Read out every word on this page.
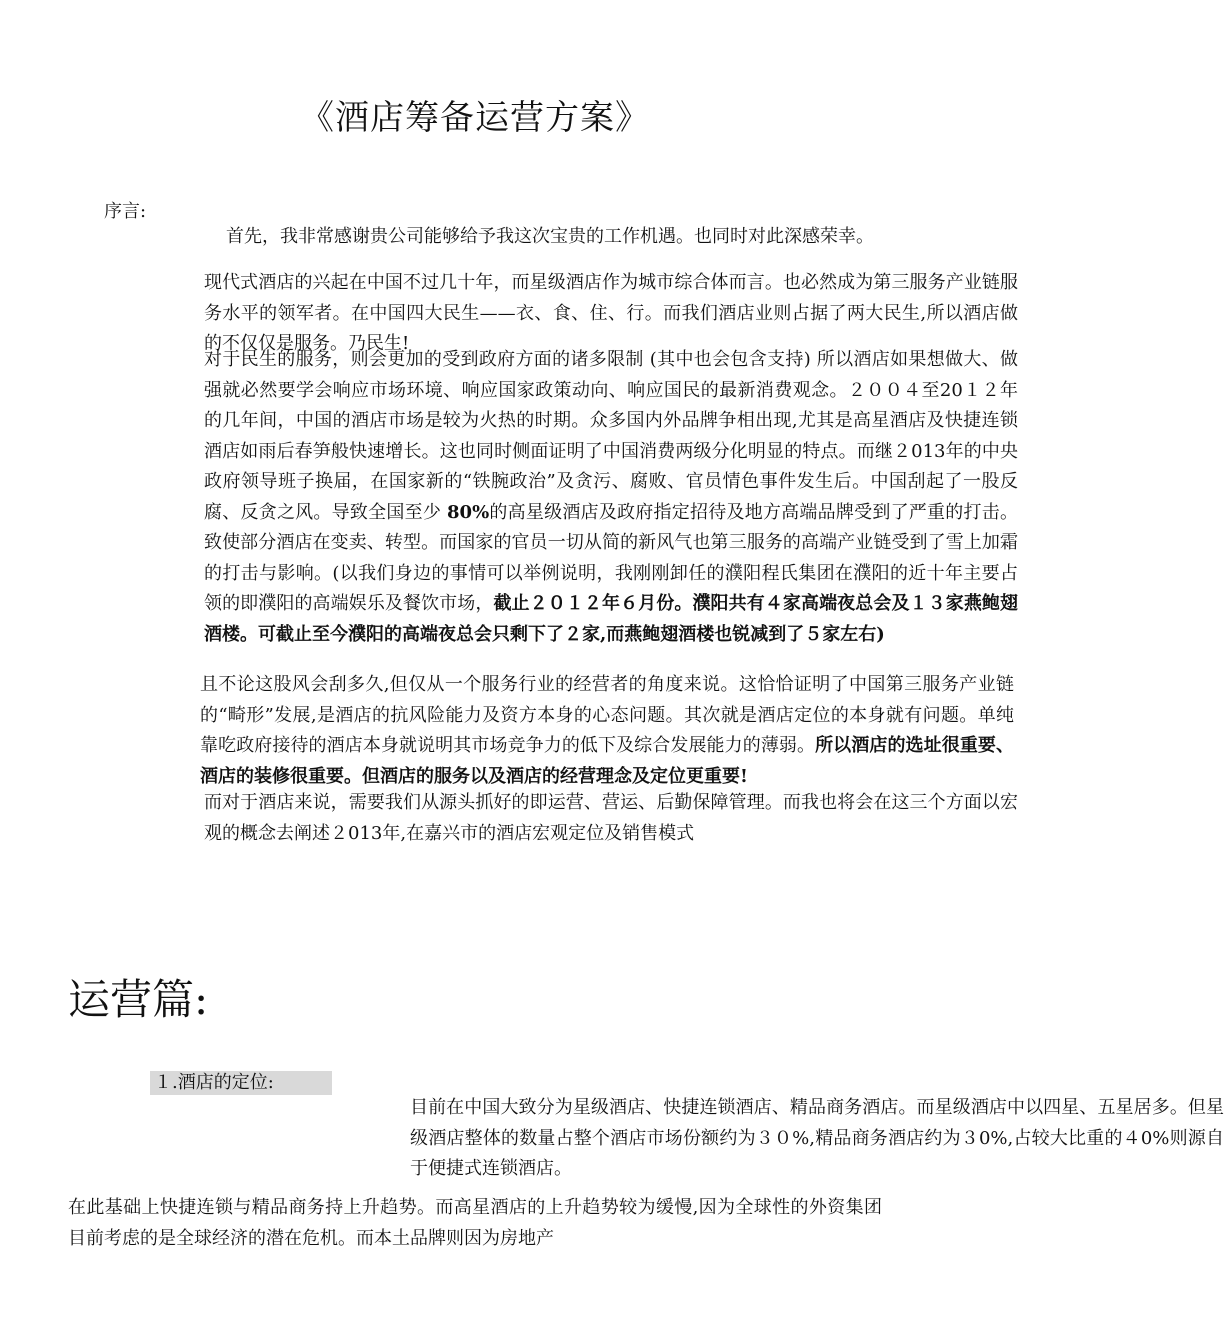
《酒店筹备运营方案》
序言:
首先，我非常感谢贵公司能够给予我这次宝贵的工作机遇。也同时对此深感荣幸。
现代式酒店的兴起在中国不过几十年，而星级酒店作为城市综合体而言。也必然成为第三服务产业链服务水平的领军者。在中国四大民生——衣、食、住、行。而我们酒店业则占据了两大民生,所以酒店做的不仅仅是服务。乃民生!
对于民生的服务，则会更加的受到政府方面的诸多限制 (其中也会包含支持) 所以酒店如果想做大、做强就必然要学会响应市场环境、响应国家政策动向、响应国民的最新消费观念。２００４至20１２年的几年间，中国的酒店市场是较为火热的时期。众多国内外品牌争相出现,尤其是高星酒店及快捷连锁酒店如雨后春笋般快速增长。这也同时侧面证明了中国消费两级分化明显的特点。而继２013年的中央政府领导班子换届，在国家新的“铁腕政治”及贪污、腐败、官员情色事件发生后。中国刮起了一股反腐、反贪之风。导致全国至少 80%的高星级酒店及政府指定招待及地方高端品牌受到了严重的打击。致使部分酒店在变卖、转型。而国家的官员一切从简的新风气也第三服务的高端产业链受到了雪上加霜的打击与影响。(以我们身边的事情可以举例说明，我刚刚卸任的濮阳程氏集团在濮阳的近十年主要占领的即濮阳的高端娱乐及餐饮市场，截止２０１２年６月份。濮阳共有４家高端夜总会及１３家燕鲍翅酒楼。可截止至今濮阳的高端夜总会只剩下了２家,而燕鲍翅酒楼也锐减到了５家左右)
且不论这股风会刮多久,但仅从一个服务行业的经营者的角度来说。这恰恰证明了中国第三服务产业链的“畸形”发展,是酒店的抗风险能力及资方本身的心态问题。其次就是酒店定位的本身就有问题。单纯靠吃政府接待的酒店本身就说明其市场竞争力的低下及综合发展能力的薄弱。所以酒店的选址很重要、酒店的装修很重要。但酒店的服务以及酒店的经营理念及定位更重要!
而对于酒店来说，需要我们从源头抓好的即运营、营运、后勤保障管理。而我也将会在这三个方面以宏观的概念去阐述２013年,在嘉兴市的酒店宏观定位及销售模式
运营篇:
１.酒店的定位:
目前在中国大致分为星级酒店、快捷连锁酒店、精品商务酒店。而星级酒店中以四星、五星居多。但星级酒店整体的数量占整个酒店市场份额约为３０%,精品商务酒店约为３0%,占较大比重的４0%则源自于便捷式连锁酒店。
在此基础上快捷连锁与精品商务持上升趋势。而高星酒店的上升趋势较为缓慢,因为全球性的外资集团目前考虑的是全球经济的潜在危机。而本土品牌则因为房地产
